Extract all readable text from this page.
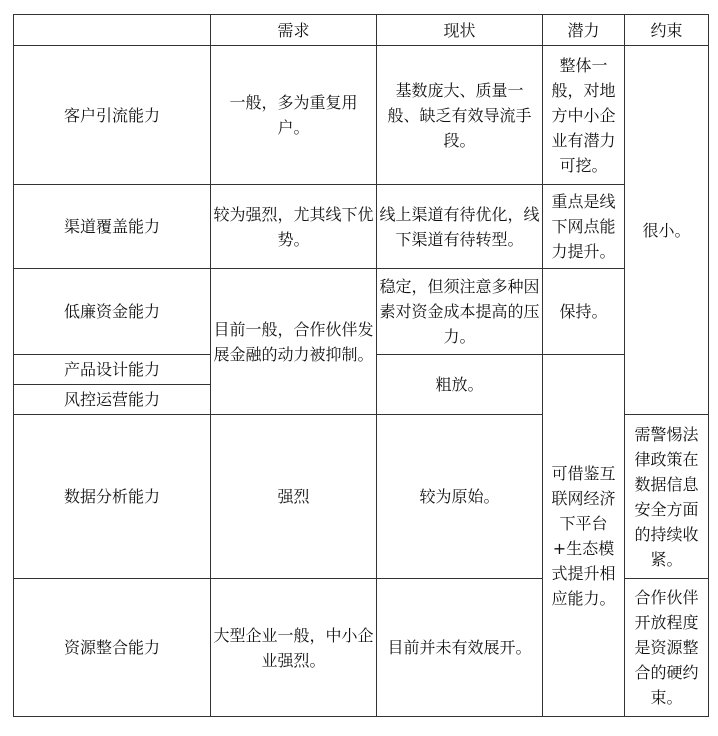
	需求	现状	潜力	约束
客户引流能力	一般，多为重复用户。	基数庞大、质量一般、缺乏有效导流手段。	整体一般，对地方中小企业有潜力可挖。	很小。
渠道覆盖能力	较为强烈，尤其线下优势。	线上渠道有待优化，线下渠道有待转型。	重点是线下网点能力提升。	
低廉资金能力	目前一般，合作伙伴发展金融的动力被抑制。	稳定，但须注意多种因素对资金成本提高的压力。	保持。	
产品设计能力		粗放。	可借鉴互联网经济下平台+生态模式提升相应能力。	
风控运营能力				
数据分析能力	强烈	较为原始。		需警惕法律政策在数据信息安全方面的持续收紧。
资源整合能力	大型企业一般，中小企业强烈。	目前并未有效展开。		合作伙伴开放程度是资源整合的硬约束。
